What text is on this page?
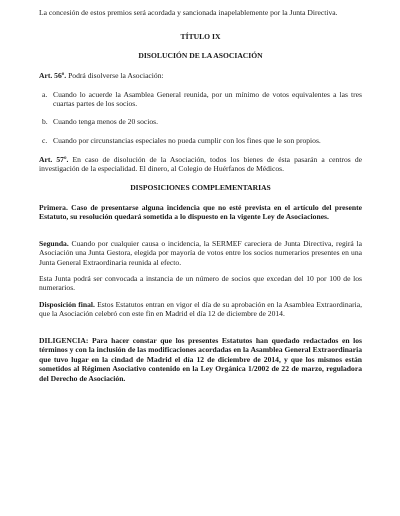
La concesión de estos premios será acordada y sancionada inapelablemente por la Junta Directiva.

TÍTULO IX

DISOLUCIÓN DE LA ASOCIACIÓN

Art. 56º. Podrá disolverse la Asociación:

a. Cuando lo acuerde la Asamblea General reunida, por un mínimo de votos equivalentes a las tres cuartas partes de los socios.
b. Cuando tenga menos de 20 socios.
c. Cuando por circunstancias especiales no pueda cumplir con los fines que le son propios.

Art. 57º. En caso de disolución de la Asociación, todos los bienes de ésta pasarán a centros de investigación de la especialidad. El dinero, al Colegio de Huérfanos de Médicos.

DISPOSICIONES COMPLEMENTARIAS

Primera. Caso de presentarse alguna incidencia que no esté prevista en el artículo del presente Estatuto, su resolución quedará sometida a lo dispuesto en la vigente Ley de Asociaciones.

Segunda. Cuando por cualquier causa o incidencia, la SERMEF careciera de Junta Directiva, regirá la Asociación una Junta Gestora, elegida por mayoría de votos entre los socios numerarios presentes en una Junta General Extraordinaria reunida al efecto.

Esta Junta podrá ser convocada a instancia de un número de socios que excedan del 10 por 100 de los numerarios.

Disposición final. Estos Estatutos entran en vigor el día de su aprobación en la Asamblea Extraordinaria, que la Asociación celebró con este fin en Madrid el día 12 de diciembre de 2014.

DILIGENCIA: Para hacer constar que los presentes Estatutos han quedado redactados en los términos y con la inclusión de las modificaciones acordadas en la Asamblea General Extraordinaria que tuvo lugar en la cindad de Madrid el día 12 de diciembre de 2014, y que los mismos están sometidos al Régimen Asociativo contenido en la Ley Orgánica 1/2002 de 22 de marzo, reguladora del Derecho de Asociación.
